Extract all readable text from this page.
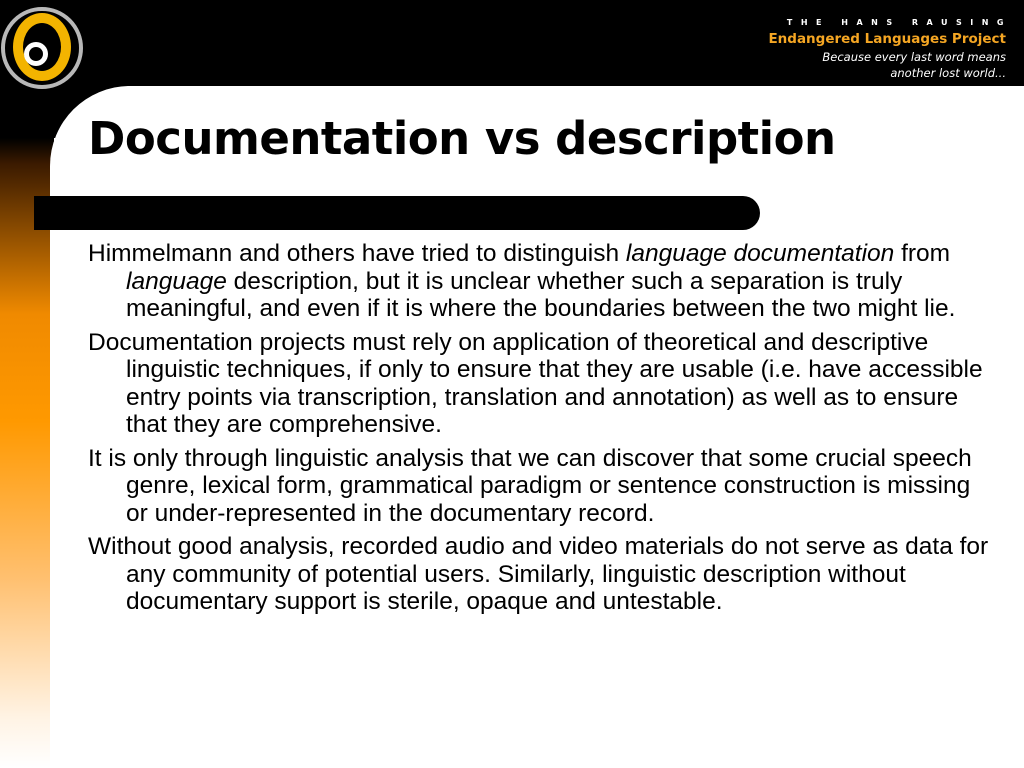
THE HANS RAUSING
Endangered Languages Project
Because every last word means
another lost world...
Documentation vs description

Himmelmann and others have tried to distinguish language documentation from language description, but it is unclear whether such a separation is truly meaningful, and even if it is where the boundaries between the two might lie.

Documentation projects must rely on application of theoretical and descriptive linguistic techniques, if only to ensure that they are usable (i.e. have accessible entry points via transcription, translation and annotation) as well as to ensure that they are comprehensive.

It is only through linguistic analysis that we can discover that some crucial speech genre, lexical form, grammatical paradigm or sentence construction is missing or under-represented in the documentary record.

Without good analysis, recorded audio and video materials do not serve as data for any community of potential users. Similarly, linguistic description without documentary support is sterile, opaque and untestable.
